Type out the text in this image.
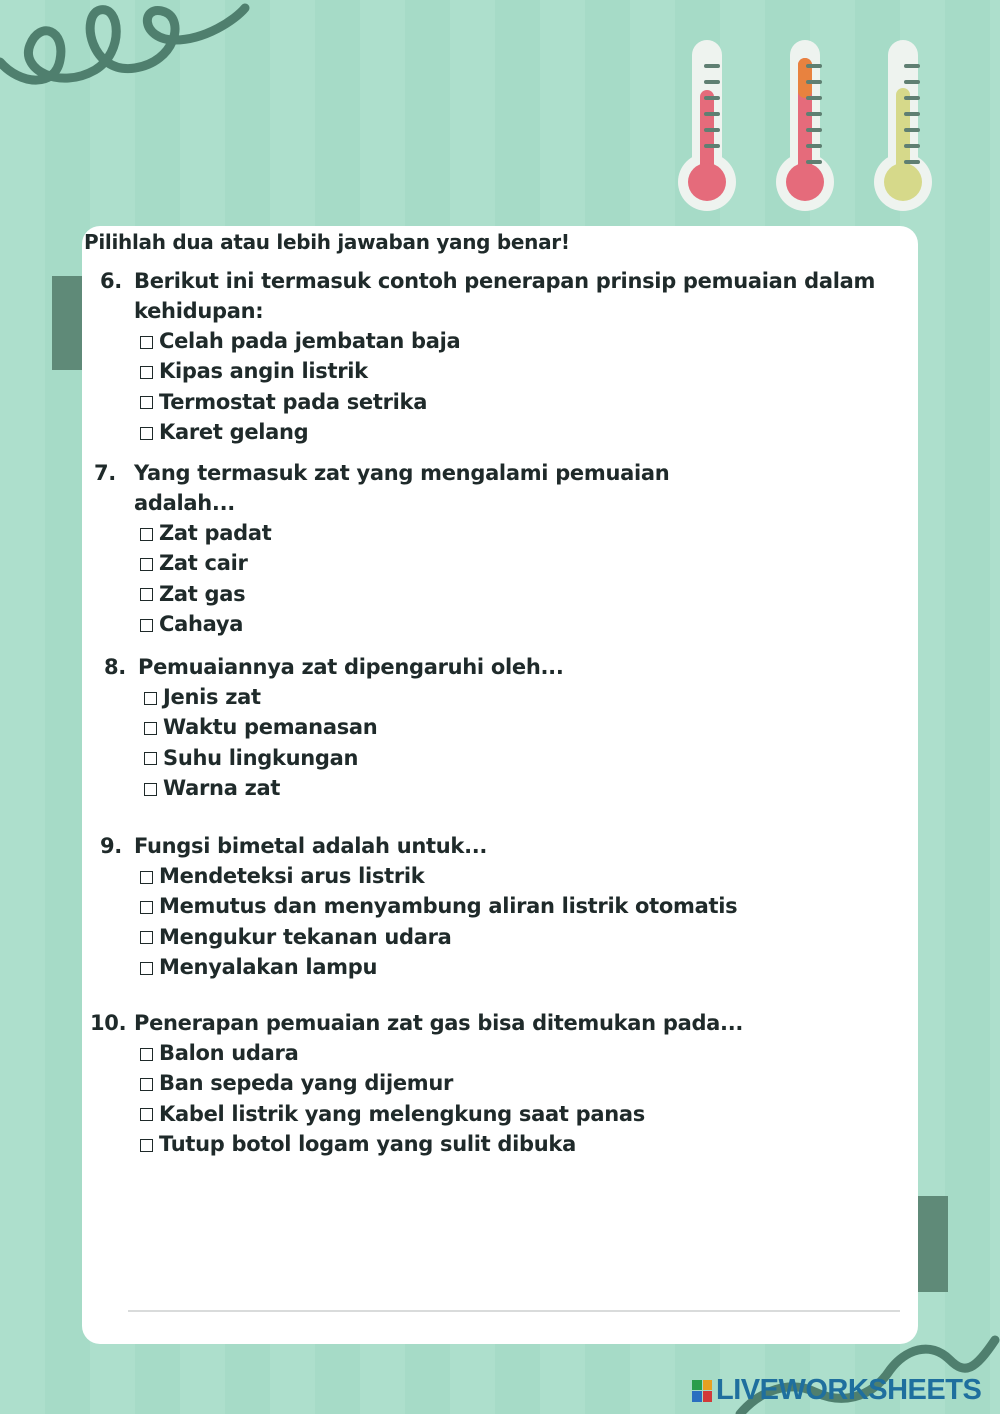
Pilihlah dua atau lebih jawaban yang benar!
6. Berikut ini termasuk contoh penerapan prinsip pemuaian dalam
kehidupan:
Celah pada jembatan baja
Kipas angin listrik
Termostat pada setrika
Karet gelang
7. Yang termasuk zat yang mengalami pemuaian
adalah...
Zat padat
Zat cair
Zat gas
Cahaya
8. Pemuaiannya zat dipengaruhi oleh...
Jenis zat
Waktu pemanasan
Suhu lingkungan
Warna zat
9. Fungsi bimetal adalah untuk...
Mendeteksi arus listrik
Memutus dan menyambung aliran listrik otomatis
Mengukur tekanan udara
Menyalakan lampu
10. Penerapan pemuaian zat gas bisa ditemukan pada...
Balon udara
Ban sepeda yang dijemur
Kabel listrik yang melengkung saat panas
Tutup botol logam yang sulit dibuka
LIVEWORKSHEETS
